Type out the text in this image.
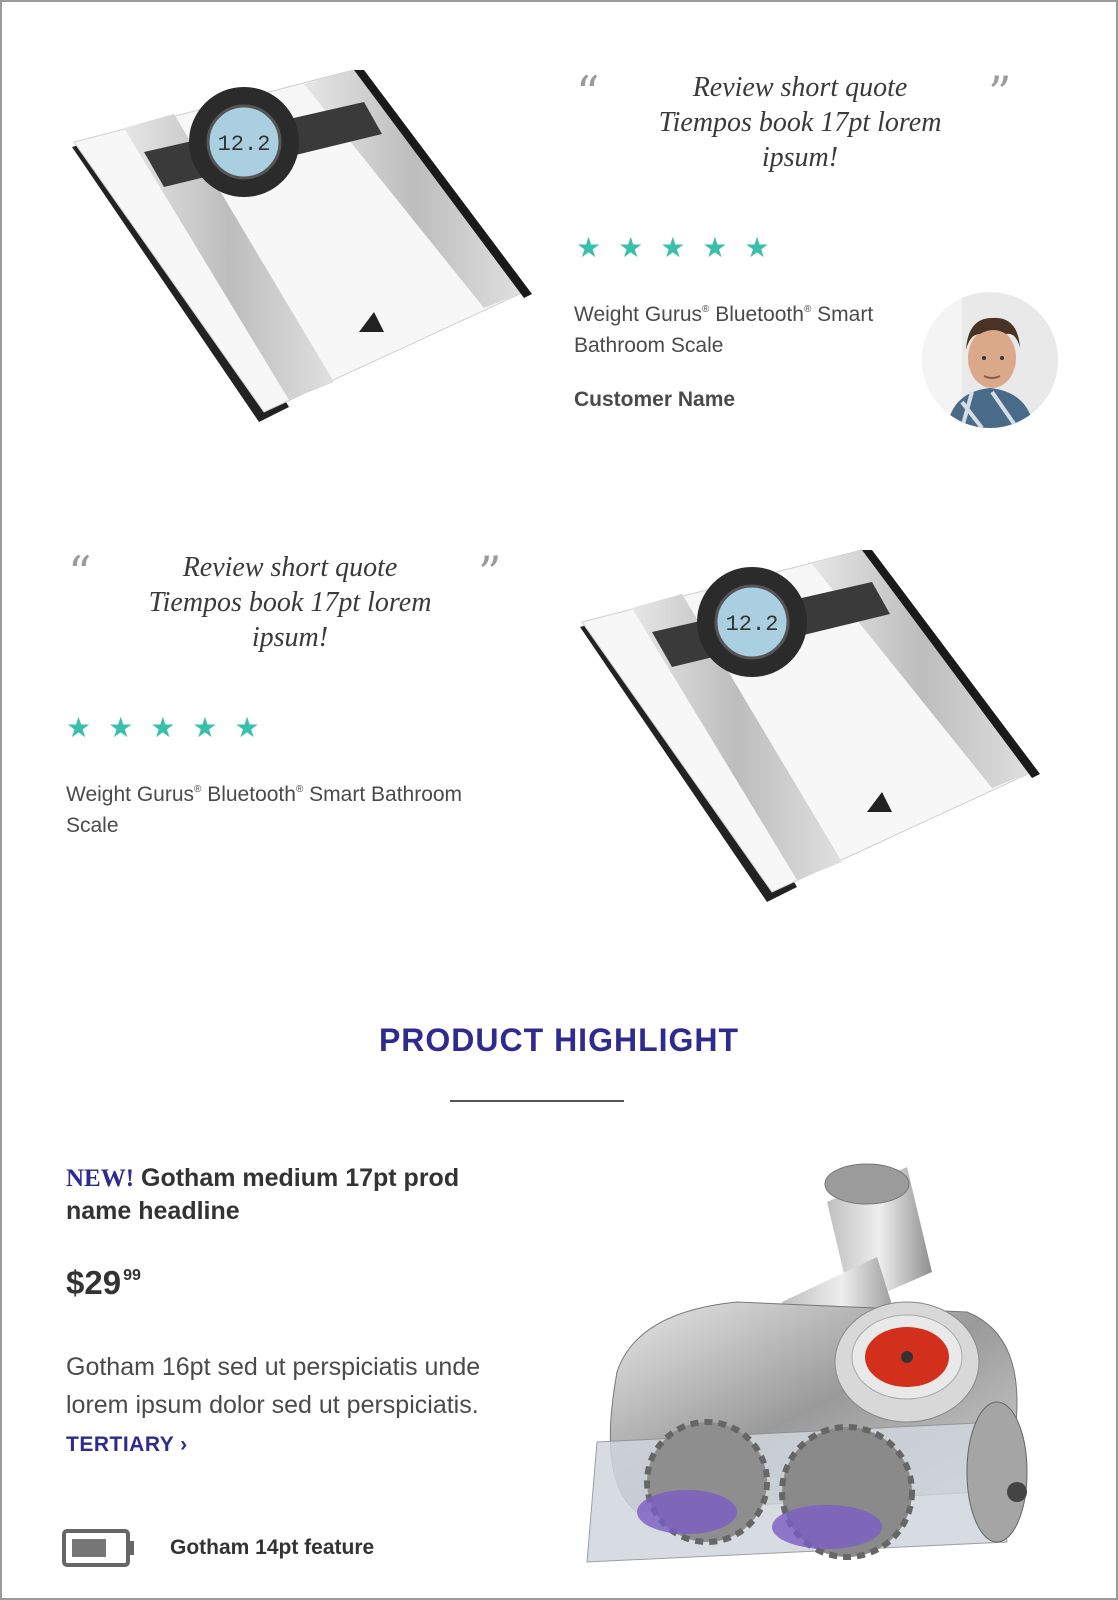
12.2
“	”
Review short quote Tiempos book 17pt lorem ipsum!
★ ★ ★ ★ ★
Weight Gurus® Bluetooth® Smart Bathroom Scale
Customer Name
“	”
Review short quote Tiempos book 17pt lorem ipsum!
★ ★ ★ ★ ★
Weight Gurus® Bluetooth® Smart Bathroom Scale
12.2
PRODUCT HIGHLIGHT
NEW! Gotham medium 17pt prod name headline
$29 $^{99}$
Gotham 16pt sed ut perspiciatis unde lorem ipsum dolor sed ut perspiciatis. TERTIARY ›
Gotham 14pt feature
